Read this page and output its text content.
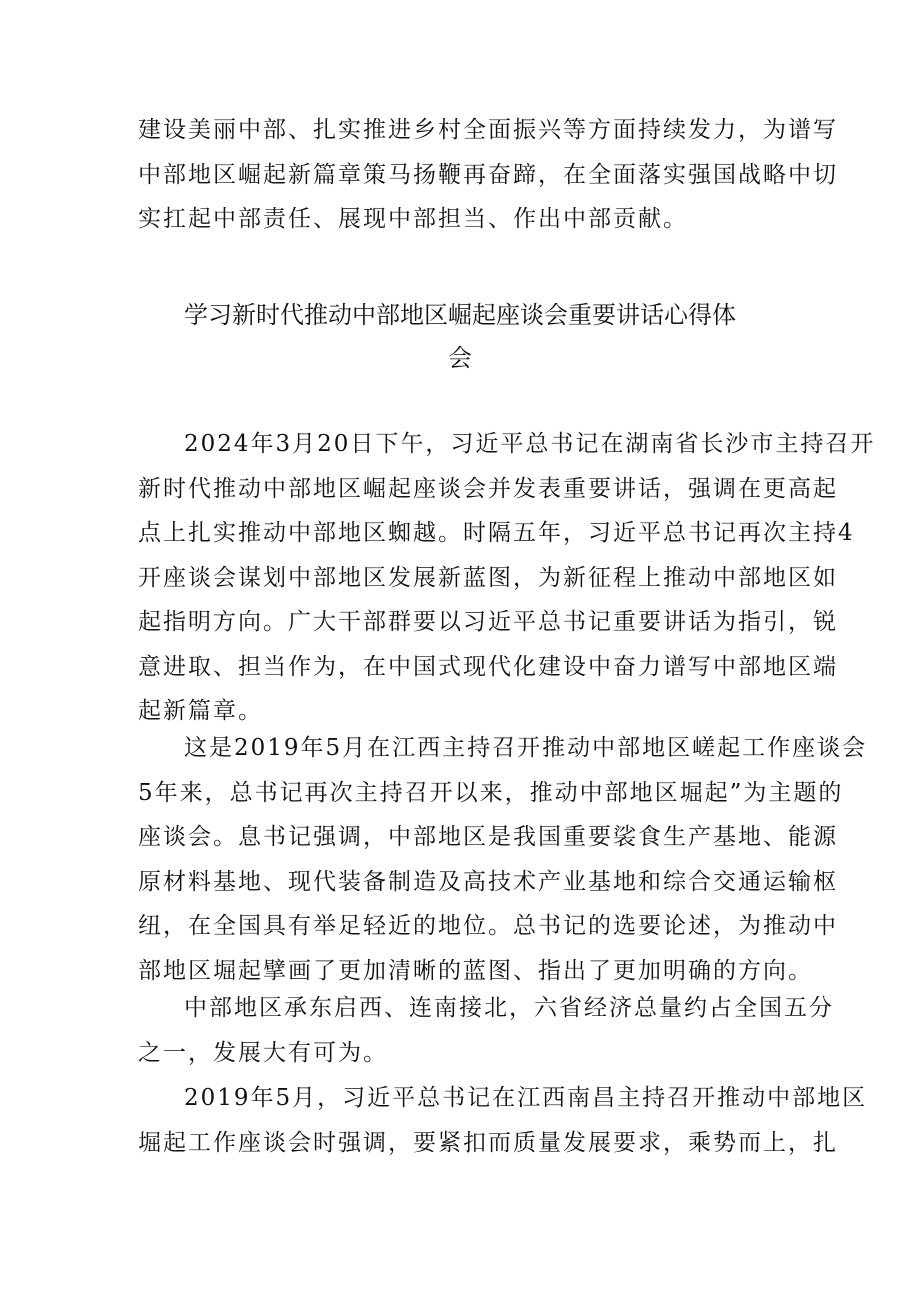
建设美丽中部、扎实推进乡村全面振兴等方面持续发力，为谱写
中部地区崛起新篇章策马扬鞭再奋蹄，在全面落实强国战略中切
实扛起中部责任、展现中部担当、作出中部贡献。
学习新时代推动中部地区崛起座谈会重要讲话心得体
会
2024年3月20日下午，习近平总书记在湖南省长沙市主持召开
新时代推动中部地区崛起座谈会并发表重要讲话，强调在更高起
点上扎实推动中部地区蜘越。时隔五年，习近平总书记再次主持4
开座谈会谋划中部地区发展新蓝图，为新征程上推动中部地区如
起指明方向。广大干部群要以习近平总书记重要讲话为指引，锐
意进取、担当作为，在中国式现代化建设中奋力谱写中部地区端
起新篇章。
这是2019年5月在江西主持召开推动中部地区嵯起工作座谈会
5年来，总书记再次主持召开以来，推动中部地区堀起”为主题的
座谈会。息书记强调，中部地区是我国重要裟食生产基地、能源
原材料基地、现代装备制造及高技术产业基地和综合交通运输枢
纽，在全国具有举足轻近的地位。总书记的选要论述，为推动中
部地区堀起擘画了更加清晰的蓝图、指出了更加明确的方向。
中部地区承东启西、连南接北，六省经济总量约占全国五分
之一，发展大有可为。
2019年5月，习近平总书记在江西南昌主持召开推动中部地区
堀起工作座谈会时强调，要紧扣而质量发展要求，乘势而上，扎
